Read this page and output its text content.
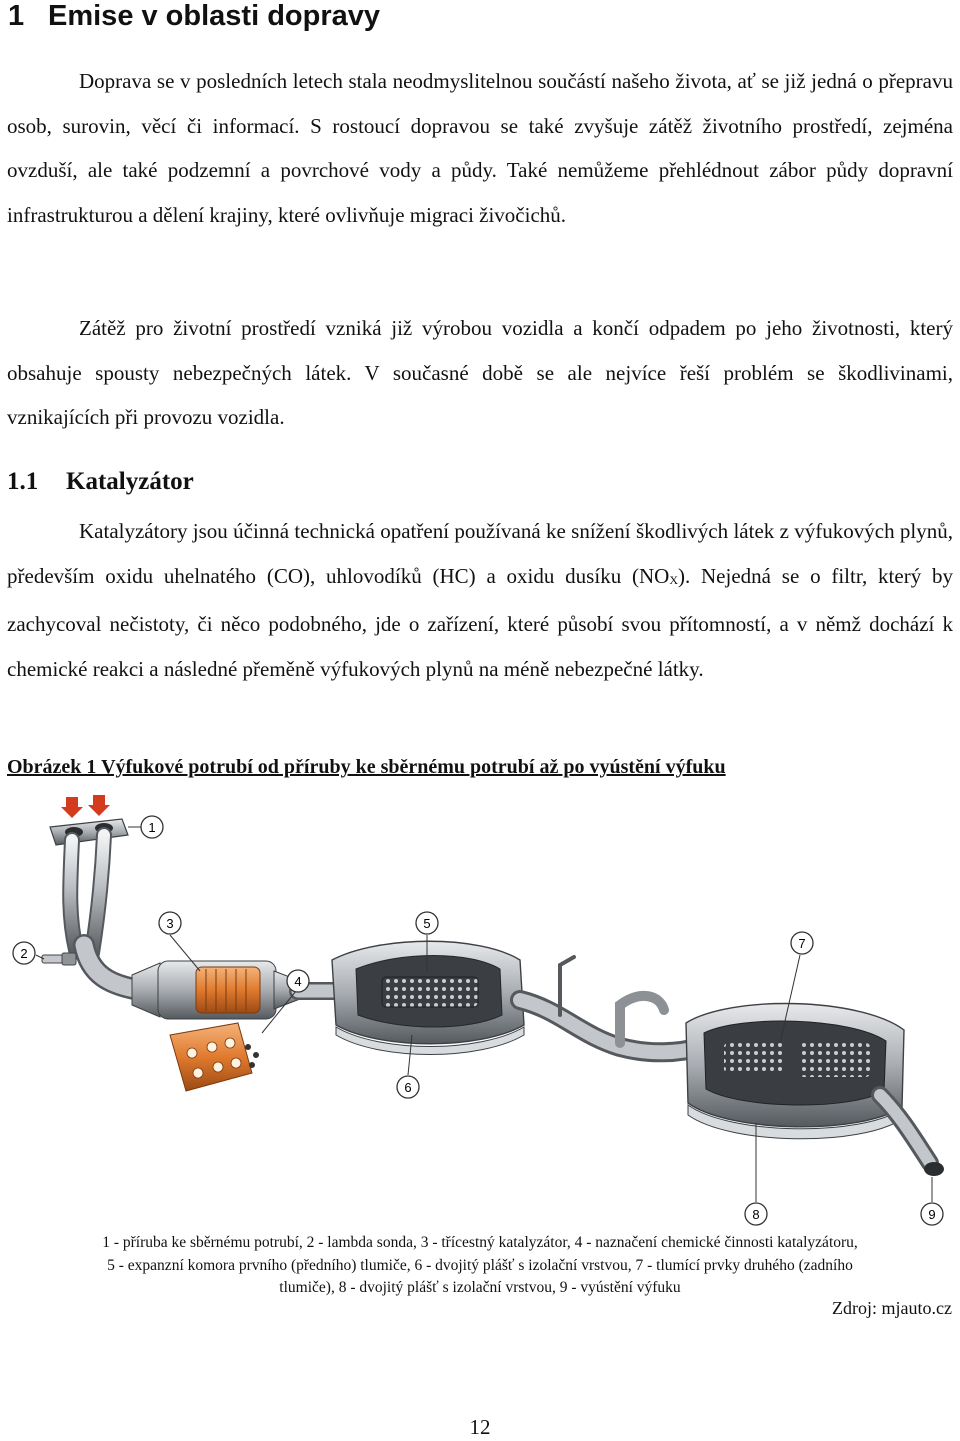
1 Emise v oblasti dopravy

Doprava se v posledních letech stala neodmyslitelnou součástí našeho života, ať se již jedná o přepravu osob, surovin, věcí či informací. S rostoucí dopravou se také zvyšuje zátěž životního prostředí, zejména ovzduší, ale také podzemní a povrchové vody a půdy. Také nemůžeme přehlédnout zábor půdy dopravní infrastrukturou a dělení krajiny, které ovlivňuje migraci živočichů.

Zátěž pro životní prostředí vzniká již výrobou vozidla a končí odpadem po jeho životnosti, který obsahuje spousty nebezpečných látek. V současné době se ale nejvíce řeší problém se škodlivinami, vznikajících při provozu vozidla.

1.1 Katalyzátor

Katalyzátory jsou účinná technická opatření používaná ke snížení škodlivých látek z výfukových plynů, především oxidu uhelnatého (CO), uhlovodíků (HC) a oxidu dusíku $(NO_X)$. Nejedná se o filtr, který by zachycoval nečistoty, či něco podobného, jde o zařízení, které působí svou přítomností, a v němž dochází k chemické reakci a následné přeměně výfukových plynů na méně nebezpečné látky.

Obrázek 1 Výfukové potrubí od příruby ke sběrnému potrubí až po vyústění výfuku

1
2
3
4
5
6
7
8	9
1 - příruba ke sběrnému potrubí, 2 - lambda sonda, 3 - třícestný katalyzátor, 4 - naznačení chemické činnosti katalyzátoru,
5 - expanzní komora prvního (předního) tlumiče, 6 - dvojitý plášť s izolační vrstvou, 7 - tlumící prvky druhého (zadního
tlumiče), 8 - dvojitý plášť s izolační vrstvou, 9 - vyústění výfuku

Zdroj: mjauto.cz

12
